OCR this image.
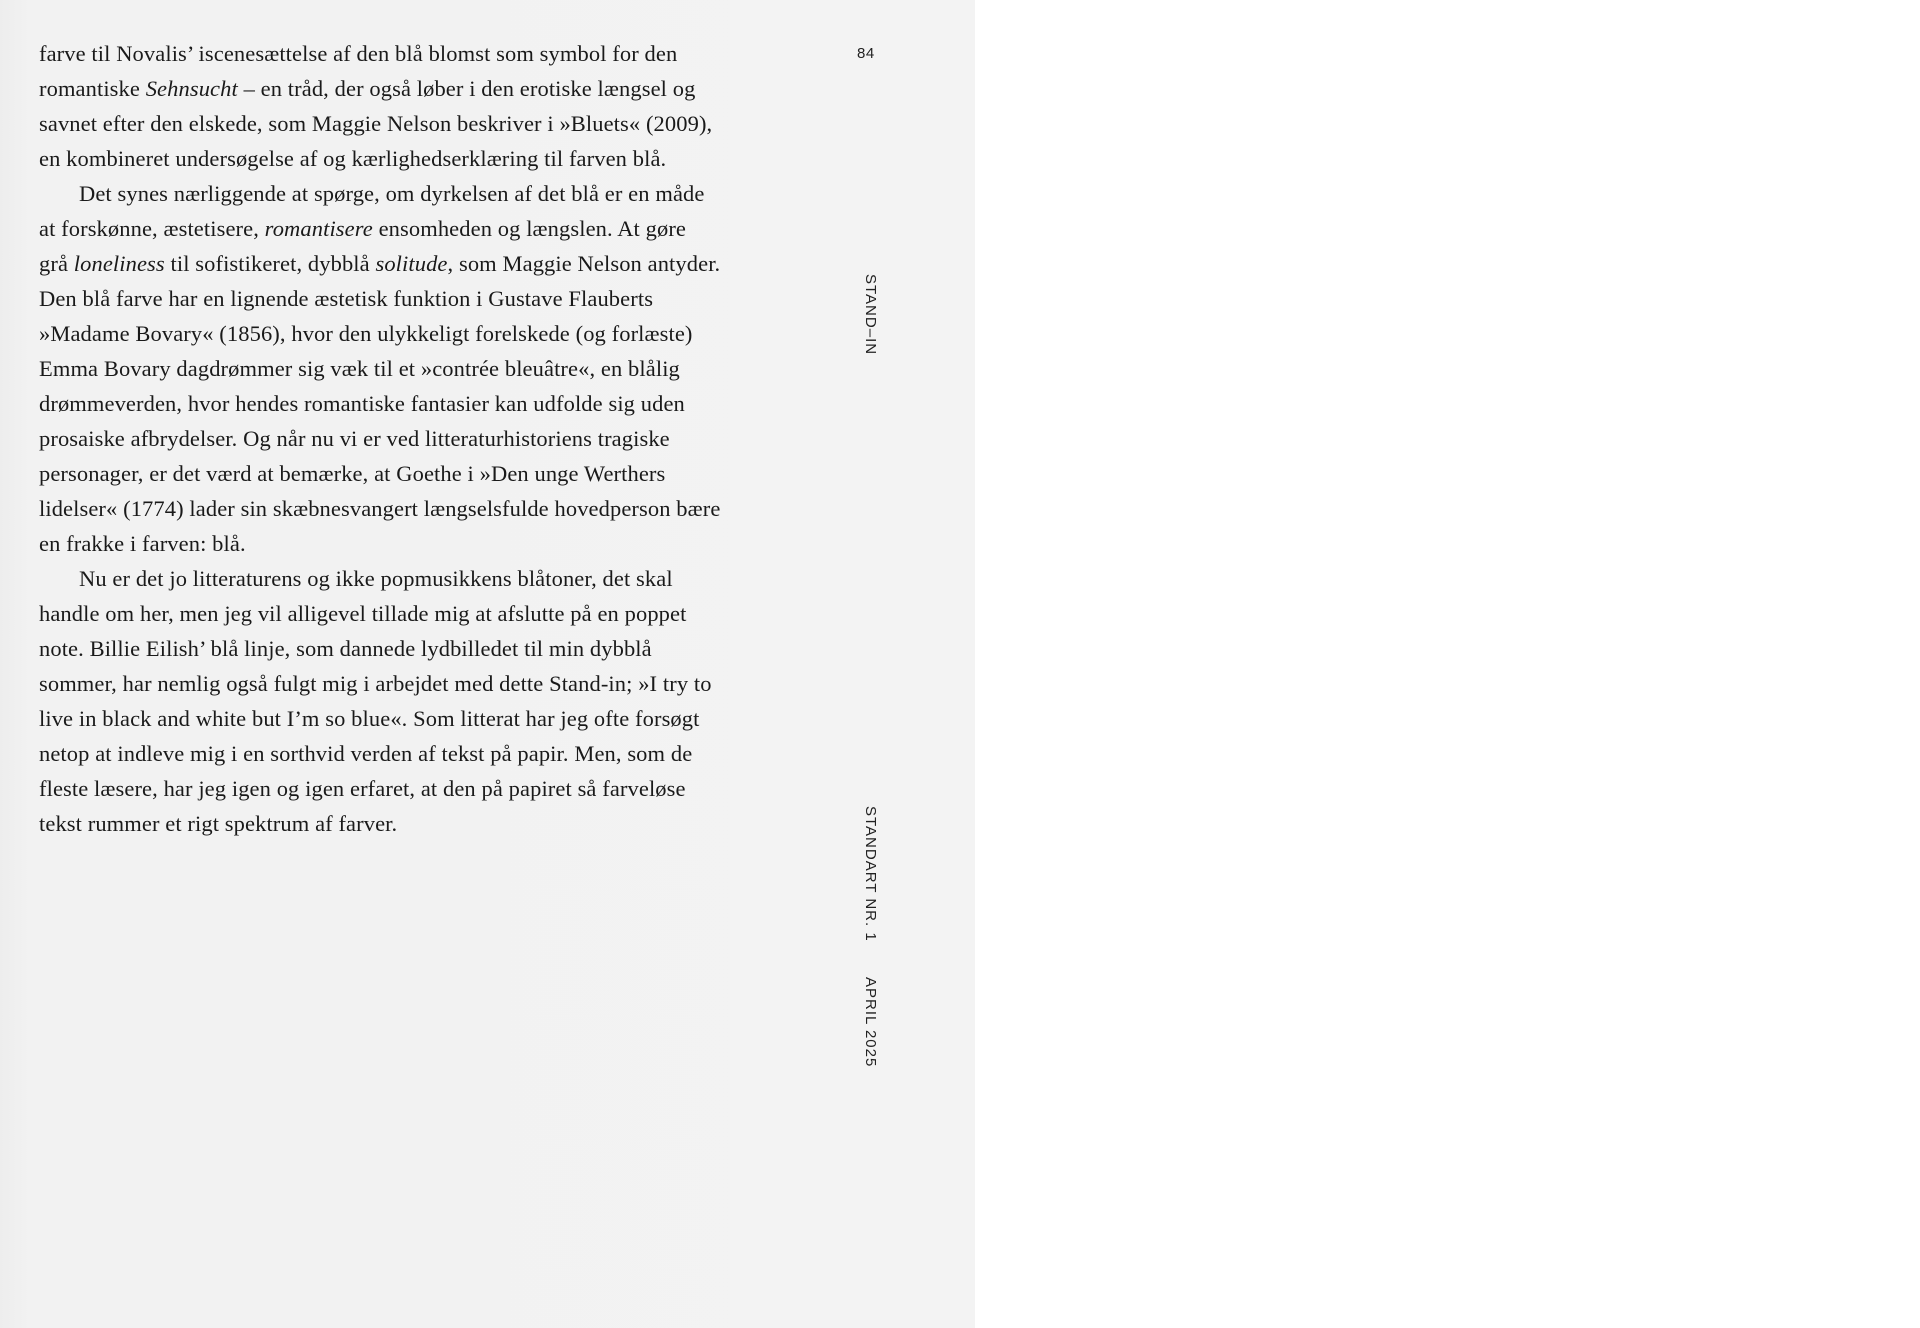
farve til Novalis’ iscenesættelse af den blå blomst som symbol for den
romantiske Sehnsucht – en tråd, der også løber i den erotiske længsel og
savnet efter den elskede, som Maggie Nelson beskriver i »Bluets« (2009),
en kombineret undersøgelse af og kærlighedserklæring til farven blå.

Det synes nærliggende at spørge, om dyrkelsen af det blå er en måde
at forskønne, æstetisere, romantisere ensomheden og længslen. At gøre
grå loneliness til sofistikeret, dybblå solitude, som Maggie Nelson antyder.
Den blå farve har en lignende æstetisk funktion i Gustave Flauberts
»Madame Bovary« (1856), hvor den ulykkeligt forelskede (og forlæste)
Emma Bovary dagdrømmer sig væk til et »contrée bleuâtre«, en blålig
drømmeverden, hvor hendes romantiske fantasier kan udfolde sig uden
prosaiske afbrydelser. Og når nu vi er ved litteraturhistoriens tragiske
personager, er det værd at bemærke, at Goethe i »Den unge Werthers
lidelser« (1774) lader sin skæbnesvangert længselsfulde hovedperson bære
en frakke i farven: blå.

Nu er det jo litteraturens og ikke popmusikkens blåtoner, det skal
handle om her, men jeg vil alligevel tillade mig at afslutte på en poppet
note. Billie Eilish’ blå linje, som dannede lydbilledet til min dybblå
sommer, har nemlig også fulgt mig i arbejdet med dette Stand-in; »I try to
live in black and white but I’m so blue«. Som litterat har jeg ofte forsøgt
netop at indleve mig i en sorthvid verden af tekst på papir. Men, som de
fleste læsere, har jeg igen og igen erfaret, at den på papiret så farveløse
tekst rummer et rigt spektrum af farver.

84
STAND–IN
STANDART NR. 1
APRIL 2025
